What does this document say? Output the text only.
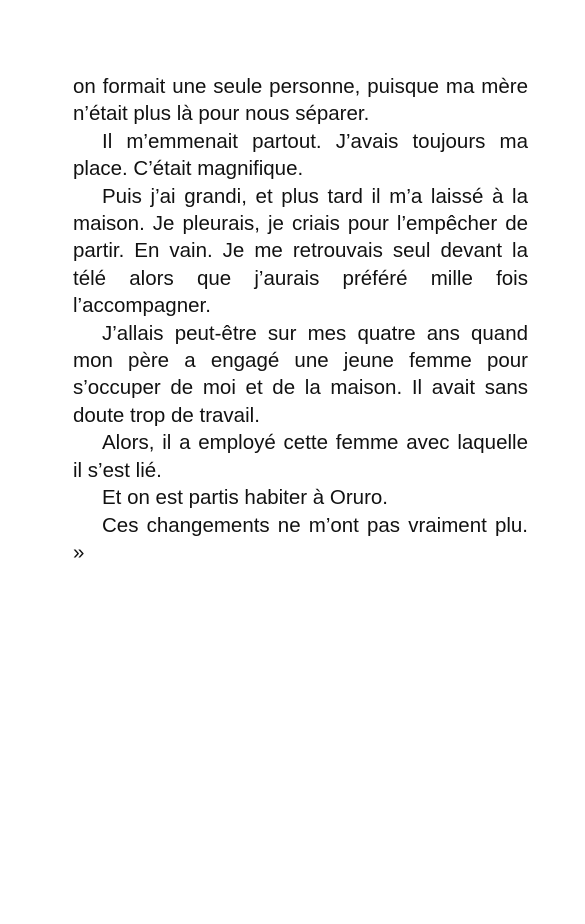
on formait une seule personne, puisque ma mère n’était plus là pour nous séparer.

Il m’emmenait partout. J’avais toujours ma place. C’était magnifique.

Puis j’ai grandi, et plus tard il m’a laissé à la maison. Je pleurais, je criais pour l’empêcher de partir. En vain. Je me retrouvais seul devant la télé alors que j’aurais préféré mille fois l’accompagner.

J’allais peut-être sur mes quatre ans quand mon père a engagé une jeune femme pour s’occuper de moi et de la maison. Il avait sans doute trop de travail.

Alors, il a employé cette femme avec laquelle il s’est lié.

Et on est partis habiter à Oruro.

Ces changements ne m’ont pas vraiment plu. »
